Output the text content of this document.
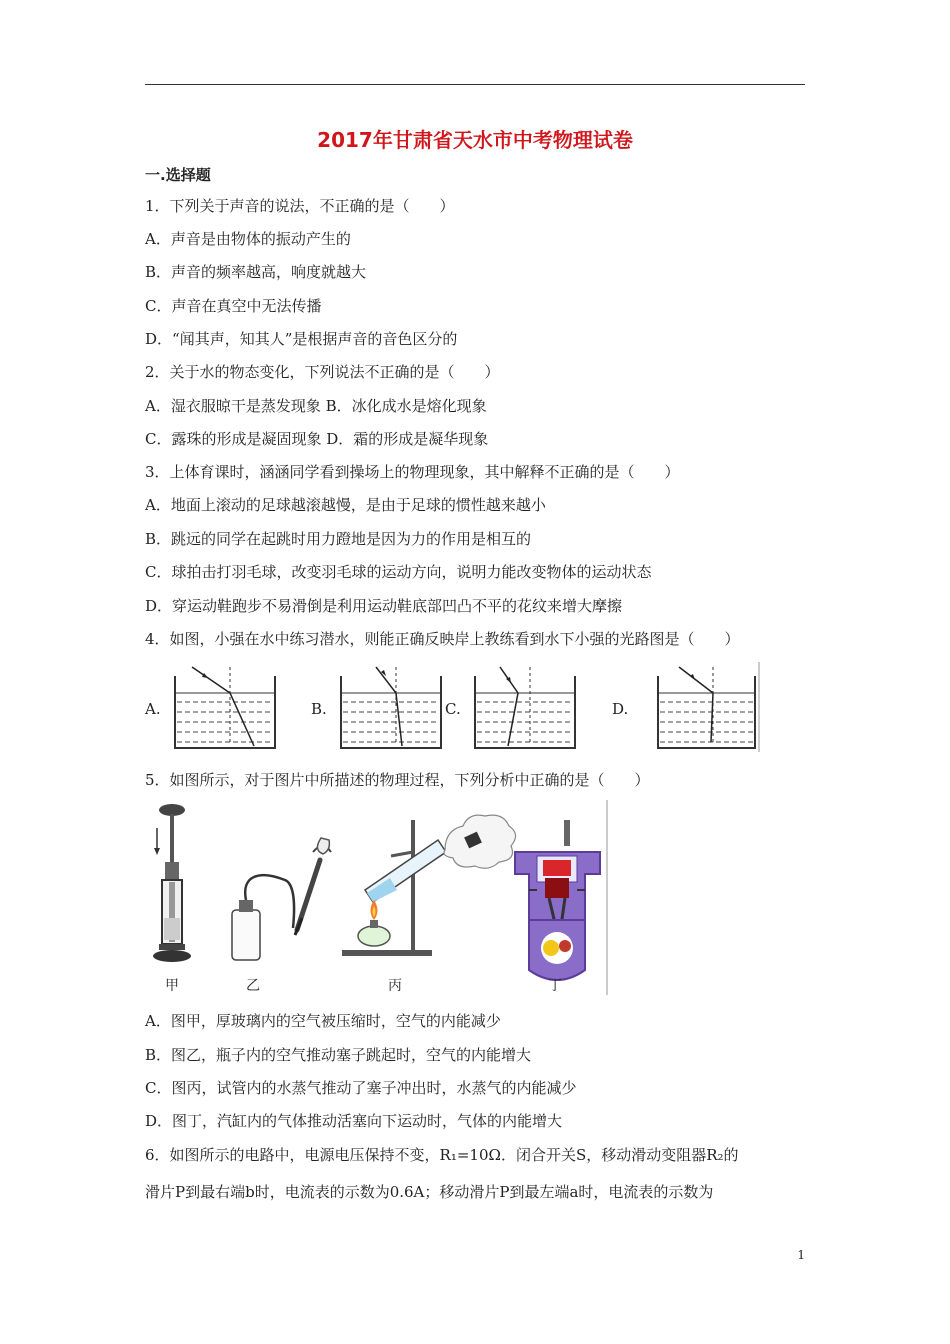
2017年甘肃省天水市中考物理试卷
一.选择题
1．下列关于声音的说法，不正确的是（　　）
A．声音是由物体的振动产生的
B．声音的频率越高，响度就越大
C．声音在真空中无法传播
D．“闻其声，知其人”是根据声音的音色区分的
2．关于水的物态变化，下列说法不正确的是（　　）
A．湿衣服晾干是蒸发现象 B．冰化成水是熔化现象
C．露珠的形成是凝固现象 D．霜的形成是凝华现象
3．上体育课时，涵涵同学看到操场上的物理现象，其中解释不正确的是（　　）
A．地面上滚动的足球越滚越慢，是由于足球的惯性越来越小
B．跳远的同学在起跳时用力蹬地是因为力的作用是相互的
C．球拍击打羽毛球，改变羽毛球的运动方向，说明力能改变物体的运动状态
D．穿运动鞋跑步不易滑倒是利用运动鞋底部凹凸不平的花纹来增大摩擦
4．如图，小强在水中练习潜水，则能正确反映岸上教练看到水下小强的光路图是（　　）
A.	B.	C.	D.
5．如图所示，对于图片中所描述的物理过程，下列分析中正确的是（　　）
甲	乙	丙	丁
A．图甲，厚玻璃内的空气被压缩时，空气的内能减少
B．图乙，瓶子内的空气推动塞子跳起时，空气的内能增大
C．图丙，试管内的水蒸气推动了塞子冲出时，水蒸气的内能减少
D．图丁，汽缸内的气体推动活塞向下运动时，气体的内能增大
6．如图所示的电路中，电源电压保持不变，R₁=10Ω．闭合开关S，移动滑动变阻器R₂的
滑片P到最右端b时，电流表的示数为0.6A；移动滑片P到最左端a时，电流表的示数为
1
